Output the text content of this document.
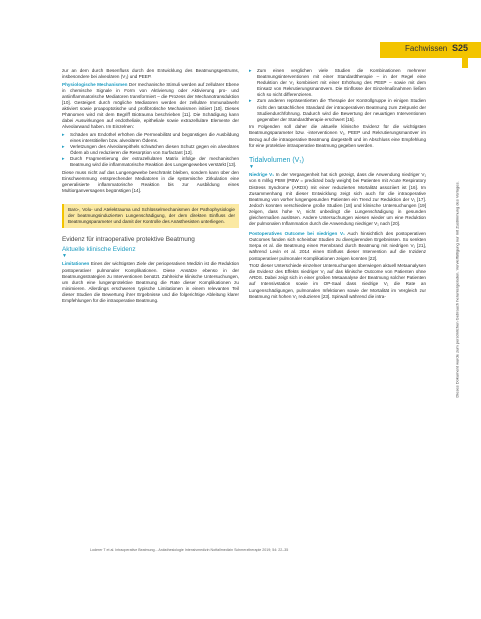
Fachwissen S25

zur an dem durch Besenfluss durch den Entwicklung des Beatmungsgestrums, insbesondere bei alveolären (V₁) und PEEP.

Physiologische Mechanismen Der mechanische Stimuli werden auf zellulärer Ebene in chemische Signale in Form von Aktivierung oder Aktivierung pro- und antiinflammatorische Mediatoren transformiert – die Prozess der Mechanotransduktion [10]. Gesteigert durch mögliche Mediatoren werden der zelluläre Immunabwehr aktiviert sowie proapoptotische und profibrotische Mechanismen initiiert [10]. Dieses Phänomen wird mit dem Begriff Biotrauma beschrieben [11]. Die Schädigung kann dabei Auswirkungen auf endotheliale, epitheliale sowie extrazelluläre Elemente der Alveolarwand haben. Im Einzelnen:

▸ Schäden am Endothel erhöhen die Permeabilität und begünstigen die Ausbildung eines interstitiellen bzw. alveolären Ödems.
▸ Verletzungen des Alveolarepithels schwächen diesen Schutz gegen ein alveoläres Ödem ab und reduzieren die Resorption von Surfactant [12].
▸ Durch Fragmentierung der extrazellulären Matrix infolge der mechanischen Beatmung wird die inflammatorische Reaktion des Lungengewebes verstärkt [13].

Diese muss nicht auf das Lungengewebe beschränkt bleiben, sondern kann über den Einschwemmung entsprechender Mediatoren in die systemische Zirkulation eine generalisierte inflammatorische Reaktion bis zur Ausbildung eines Multiorganversagens begünstigen [14].

Baro-, Volu- und Atelektrauma und Schlüsselmechanismen der Pathophysiologie der beatmungsinduzierten Lungenschädigung, der dem direkten Einfluss der Beatmungsparameter und damit der Kontrolle des Anästhesisten unterliegen.
Evidenz für intraoperative protektive Beatmung
Aktuelle klinische Evidenz
▼

Limitationen Eines der wichtigsten Ziele der perioperativen Medizin ist die Reduktion postoperativer pulmonaler Komplikationen. Diese Ansätze ebenso in der Beatmungsstrategien zu Interventionen benützt. Zahlreiche klinische Untersuchungen, um durch eine lungenprotektive Beatmung die Rate dieser Komplikationen zu minimieren. Allerdings erschweren typische Limitationen in einem relevanten Teil dieser Studien die Bewertung ihrer Ergebnisse und die folgerichtige Ableitung klarer Empfehlungen für die intraoperative Beatmung.

▸ Zum einen verglichen viele Studien die Kombinationen mehrerer Beatmungsinterventionen mit einer Standardtherapie – in der Regel eine Reduktion der V₁ kombiniert mit einer Erhöhung des PEEP – sowie mit dem Einsatz von Rekrutierungsmanövern. Die Einflüsse der Einzelmaßnahmen ließen sich so nicht differenzieren.
▸ Zum anderen repräsentierten die Therapie der Kontrollgruppe in einigen Studien nicht den tatsächlichen Standard der intraoperativen Beatmung zum Zeitpunkt der Studiendurchführung. Dadurch wird die Bewertung der neuartigen Interventionen gegenüber der Standardtherapie erschwert [15].

Im Folgenden soll daher die aktuelle klinische Evidenz für die wichtigsten Beatmungsparameter bzw. -interventionen V₁, PEEP und Rekrutierungsmanöver im Bezug auf die intraoperative Beatmung dargestellt und im Abschluss eine Empfehlung für eine protektive intraoperative Beatmung gegeben werden.

Tidalvolumen (V₁)
▼

Niedrige V₁ In der Vergangenheit hat sich gezeigt, dass die Anwendung niedriger V₁ von 6 ml/kg PBW (PBW = predicted body weight) bei Patienten mit Acute Respiratory Distress Syndrome (ARDS) mit einer reduzierten Mortalität assoziiert ist [16]. Im Zusammenhang mit dieser Entwicklung zeigt sich auch für die intraoperative Beatmung von vorher lungengesunden Patienten ein Trend zur Reduktion der V₁ [17]. Jedoch konnten verschiedene große Studien [18] und klinische Untersuchungen [19] zeigen, dass hohe V₁ nicht unbedingt die Lungenschädigung in gesunden gleichermaßen auslösen. Andere Untersuchungen wiesen wieder um eine Reduktion der pulmonalen Inflammation durch die Anwendung niedriger V₁ nach [20].

Postoperatives Outcome bei niedrigen V₁ Auch hinsichtlich des postoperativen Outcomes fanden sich scheinbar Studien zu divergierenden Ergebnissen. So senkten Serpa et al. die Beatmung einen Rennbrand durch Beatmung mit niedrigen V₁ [21], während Levin et al. 2014 einen Einfluss dieser Intervention auf die Inzidenz postoperativer pulmonaler Komplikationen zeigen konnten [22].

Trotz dieser Unterschiede einzelner Untersuchungen überwiegen aktuell Metaanalysen die Evidenz des Effekts niedriger V₁ auf das klinische Outcome von Patienten ohne ARDS. Dabei zeigt sich in einer großen Metaanalyse der Beatmung solcher Patienten auf Intensivstation sowie im OP-Saal dass niedrige V₁ die Rate an Lungenschädigungen, pulmonalen Infektionen sowie der Mortalität im Vergleich zur Beatmung mit hohen V₁ reduzieren [23]. Spirwall während die intra-	Dieses Dokument wurde zum persönlichen Gebrauch heruntergeladen. Vervielfältigung nur mit Zustimmung des Verlages.
Loderer T et al. Intraoperative Beatmung... Anästhesiologie Intensivmedizin Notfallmedizin Schmerztherapie 2019; 54: 22–35
